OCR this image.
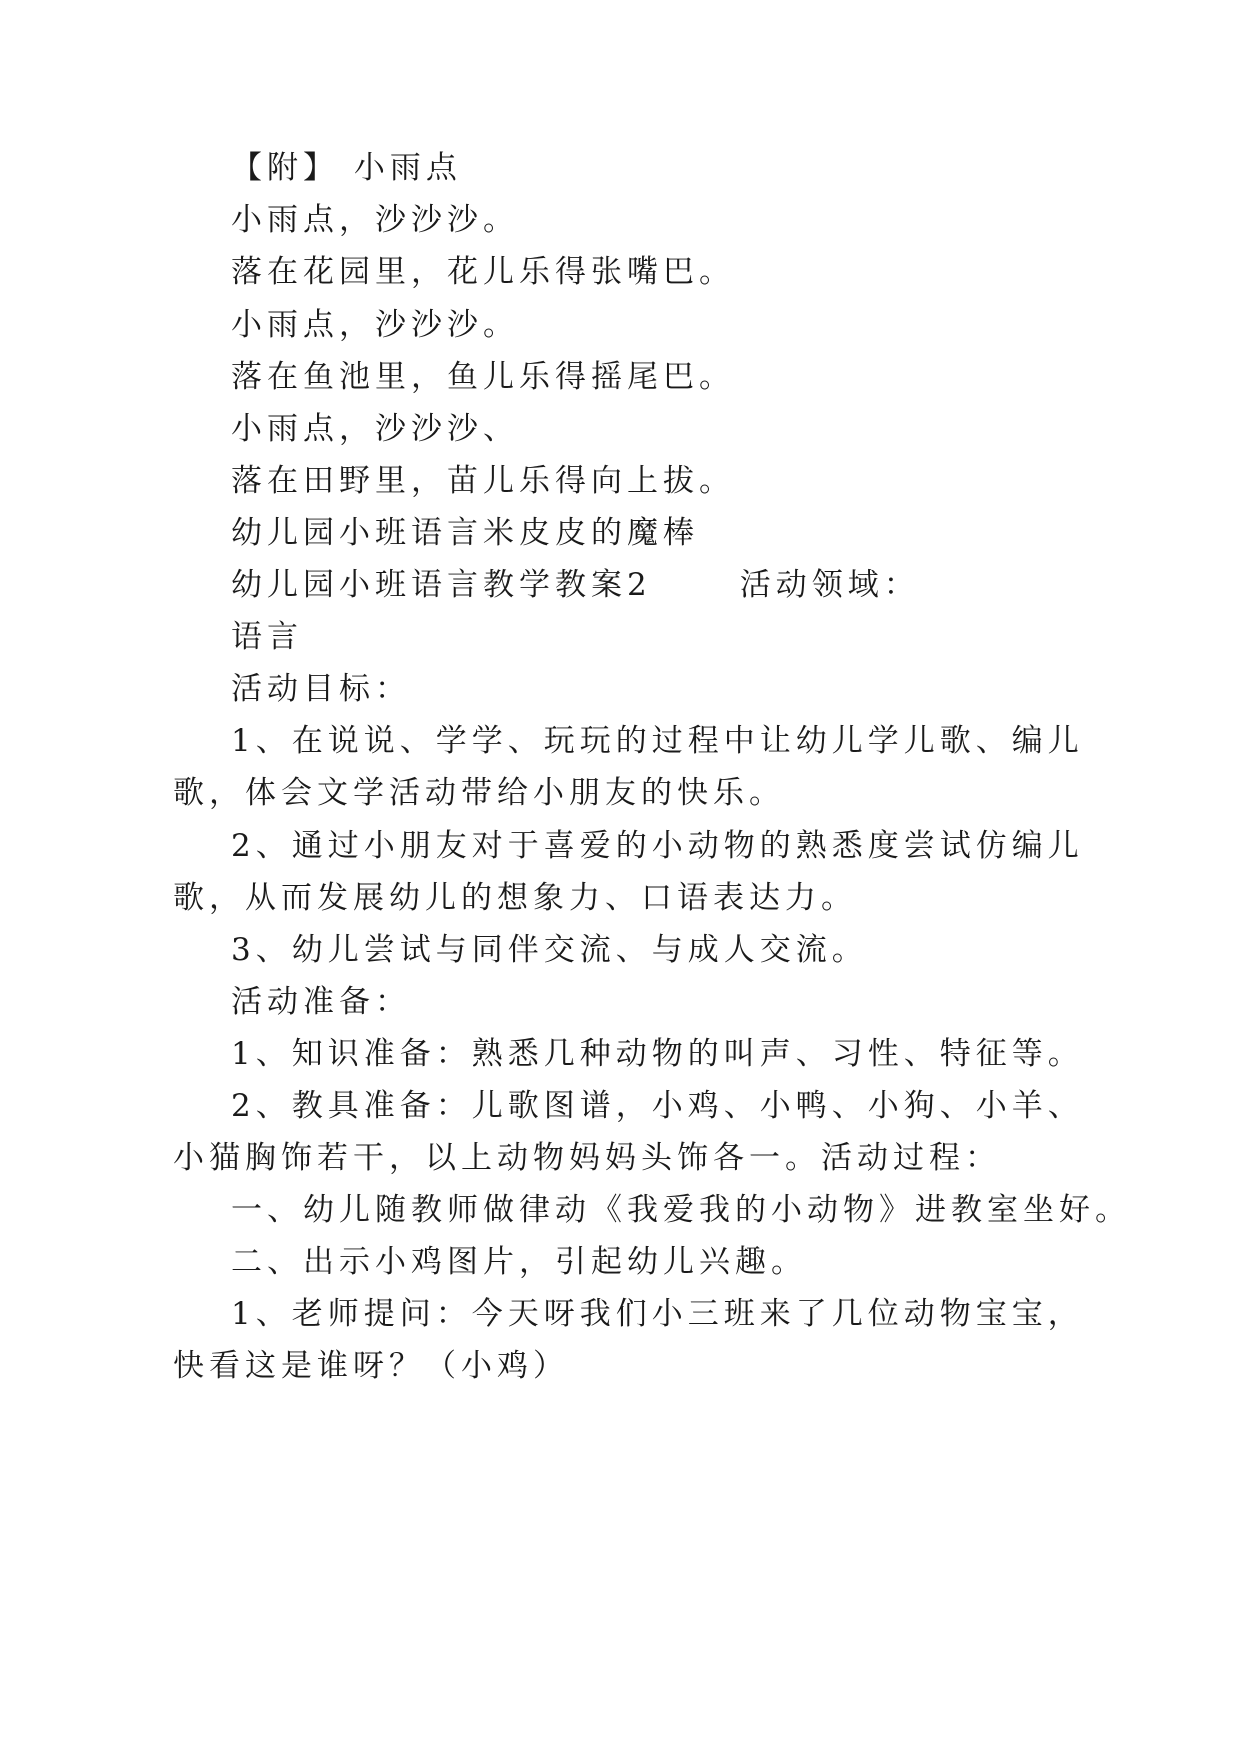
【附】 小雨点
小雨点，沙沙沙。
落在花园里，花儿乐得张嘴巴。
小雨点，沙沙沙。
落在鱼池里，鱼儿乐得摇尾巴。
小雨点，沙沙沙、
落在田野里，苗儿乐得向上拔。
幼儿园小班语言米皮皮的魔棒
幼儿园小班语言教学教案2	活动领域：
语言
活动目标：
1、在说说、学学、玩玩的过程中让幼儿学儿歌、编儿
歌，体会文学活动带给小朋友的快乐。
2、通过小朋友对于喜爱的小动物的熟悉度尝试仿编儿
歌，从而发展幼儿的想象力、口语表达力。
3、幼儿尝试与同伴交流、与成人交流。
活动准备：
1、知识准备：熟悉几种动物的叫声、习性、特征等。
2、教具准备：儿歌图谱，小鸡、小鸭、小狗、小羊、
小猫胸饰若干，以上动物妈妈头饰各一。活动过程：
一、幼儿随教师做律动《我爱我的小动物》进教室坐好。
二、出示小鸡图片，引起幼儿兴趣。
1、老师提问：今天呀我们小三班来了几位动物宝宝，
快看这是谁呀？（小鸡）
